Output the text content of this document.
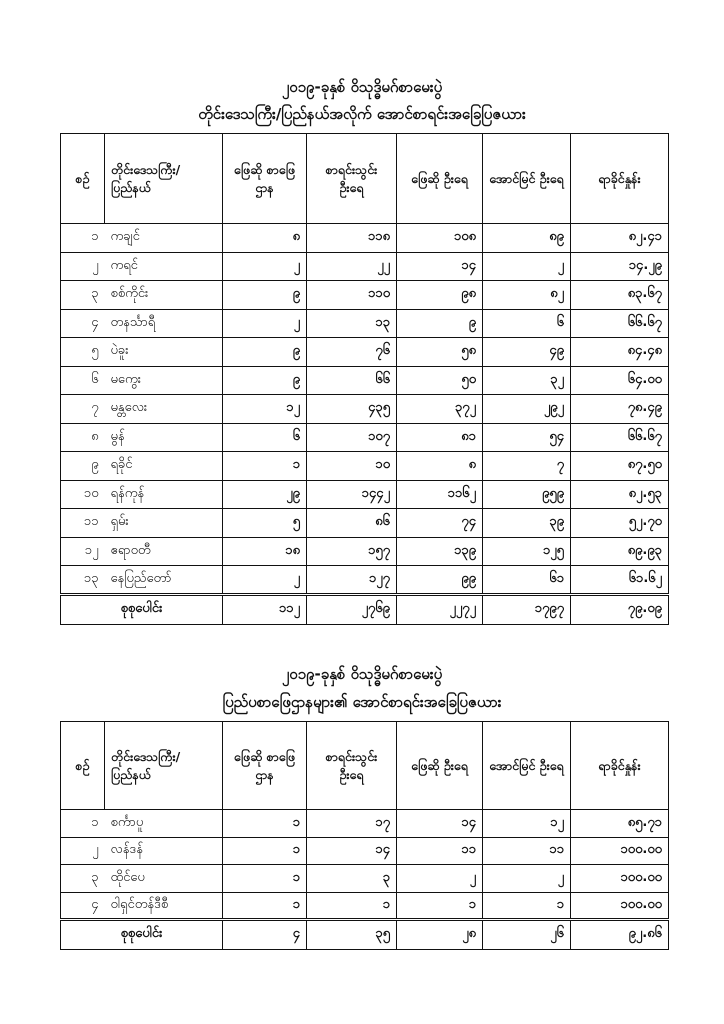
၂၀၁၉-ခုနှစ် ဝိသုဒ္ဓိမဂ်စာမေးပွဲ
တိုင်းဒေသကြီး/ပြည်နယ်အလိုက် အောင်စာရင်းအခြေပြဇယား
စဉ်	တိုင်းဒေသကြီး/ ပြည်နယ်	ဖြေဆို စာဖြေ ဌာန	စာရင်းသွင်း ဦးရေ	ဖြေဆို ဦးရေ	အောင်မြင် ဦးရေ	ရာခိုင်နှုန်း
၁	ကချင်	၈	၁၁၈	၁၀၈	၈၉	၈၂.၄၁
၂	ကရင်	၂	၂၂	၁၄	၂	၁၄.၂၉
၃	စစ်ကိုင်း	၉	၁၁၀	၉၈	၈၂	၈၃.၆၇
၄	တနင်္သာရီ	၂	၁၃	၉	၆	၆၆.၆၇
၅	ပဲခူး	၉	၇၆	၅၈	၄၉	၈၄.၄၈
၆	မကွေး	၉	၆၆	၅၀	၃၂	၆၄.၀၀
၇	မန္တလေး	၁၂	၄၃၅	၃၇၂	၂၉၂	၇၈.၄၉
၈	မွန်	၆	၁၀၇	၈၁	၅၄	၆၆.၆၇
၉	ရခိုင်	၁	၁၀	၈	၇	၈၇.၅၀
၁၀	ရန်ကုန်	၂၉	၁၄၄၂	၁၁၆၂	၉၅၉	၈၂.၅၃
၁၁	ရှမ်း	၅	၈၆	၇၄	၃၉	၅၂.၇၀
၁၂	ဧရာဝတီ	၁၈	၁၅၇	၁၃၉	၁၂၅	၈၉.၉၃
၁၃	နေပြည်တော်	၂	၁၂၇	၉၉	၆၁	၆၁.၆၂
စုစုပေါင်း		၁၁၂	၂၇၆၉	၂၂၇၂	၁၇၉၇	၇၉.၀၉
၂၀၁၉-ခုနှစ် ဝိသုဒ္ဓိမဂ်စာမေးပွဲ
ပြည်ပစာဖြေဌာနများ၏ အောင်စာရင်းအခြေပြဇယား
စဉ်	တိုင်းဒေသကြီး/ ပြည်နယ်	ဖြေဆို စာဖြေ ဌာန	စာရင်းသွင်း ဦးရေ	ဖြေဆို ဦးရေ	အောင်မြင် ဦးရေ	ရာခိုင်နှုန်း
၁	စင်္ကာပူ	၁	၁၇	၁၄	၁၂	၈၅.၇၁
၂	လန်ဒန်	၁	၁၄	၁၁	၁၁	၁၀၀.၀၀
၃	ထိုင်ပေ	၁	၃	၂	၂	၁၀၀.၀၀
၄	ဝါရှင်တန်ဒီစီ	၁	၁	၁	၁	၁၀၀.၀၀
စုစုပေါင်း		၄	၃၅	၂၈	၂၆	၉၂.၈၆
